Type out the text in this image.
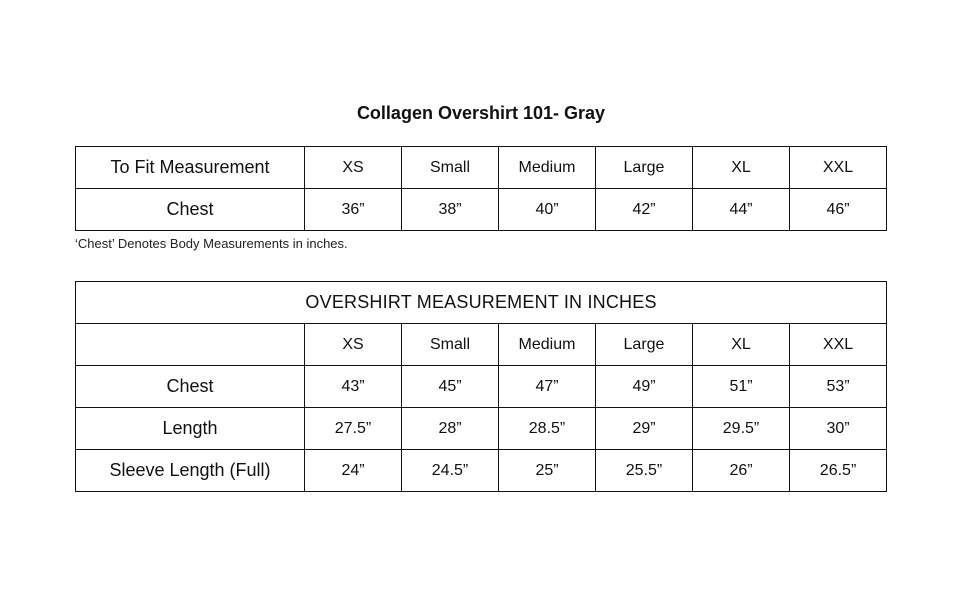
Collagen Overshirt 101- Gray
To Fit Measurement	XS	Small	Medium	Large	XL	XXL
Chest	36”	38”	40”	42”	44”	46”
‘Chest’ Denotes Body Measurements in inches.
OVERSHIRT MEASUREMENT IN INCHES						
	XS	Small	Medium	Large	XL	XXL
Chest	43”	45”	47”	49”	51”	53”
Length	27.5”	28”	28.5”	29”	29.5”	30”
Sleeve Length (Full)	24”	24.5”	25”	25.5”	26”	26.5”
